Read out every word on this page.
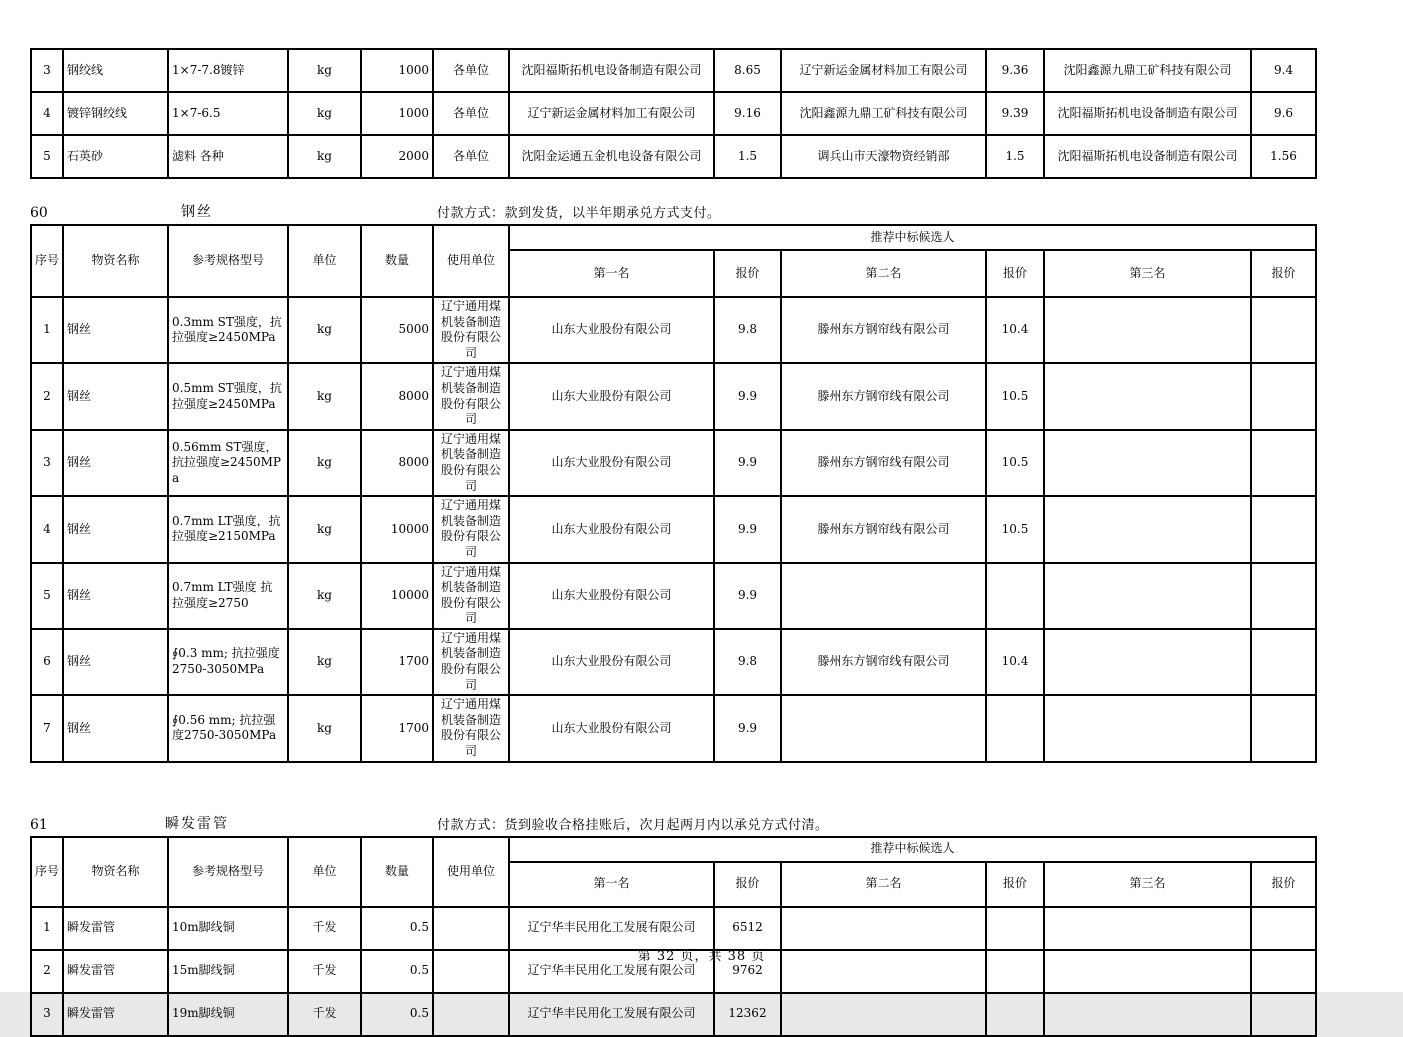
3	钢绞线	1×7-7.8镀锌	kg	1000	各单位	沈阳福斯拓机电设备制造有限公司	8.65	辽宁新运金属材料加工有限公司	9.36	沈阳鑫源九鼎工矿科技有限公司	9.4
4	镀锌钢绞线	1×7-6.5	kg	1000	各单位	辽宁新运金属材料加工有限公司	9.16	沈阳鑫源九鼎工矿科技有限公司	9.39	沈阳福斯拓机电设备制造有限公司	9.6
5	石英砂	滤料 各种	kg	2000	各单位	沈阳金运通五金机电设备有限公司	1.5	调兵山市天濠物资经销部	1.5	沈阳福斯拓机电设备制造有限公司	1.56
60	钢丝	付款方式：款到发货，以半年期承兑方式支付。
序号	物资名称	参考规格型号	单位	数量	使用单位	推荐中标候选人					
						第一名	报价	第二名	报价	第三名	报价
1	钢丝	0.3mm ST强度，抗拉强度≥2450MPa	kg	5000	辽宁通用煤机装备制造股份有限公司	山东大业股份有限公司	9.8	滕州东方钢帘线有限公司	10.4		
2	钢丝	0.5mm ST强度，抗拉强度≥2450MPa	kg	8000	辽宁通用煤机装备制造股份有限公司	山东大业股份有限公司	9.9	滕州东方钢帘线有限公司	10.5		
3	钢丝	0.56mm ST强度，抗拉强度≥2450MPa	kg	8000	辽宁通用煤机装备制造股份有限公司	山东大业股份有限公司	9.9	滕州东方钢帘线有限公司	10.5		
4	钢丝	0.7mm LT强度，抗拉强度≥2150MPa	kg	10000	辽宁通用煤机装备制造股份有限公司	山东大业股份有限公司	9.9	滕州东方钢帘线有限公司	10.5		
5	钢丝	0.7mm LT强度 抗拉强度≥2750	kg	10000	辽宁通用煤机装备制造股份有限公司	山东大业股份有限公司	9.9				
6	钢丝	∮0.3 mm; 抗拉强度2750-3050MPa	kg	1700	辽宁通用煤机装备制造股份有限公司	山东大业股份有限公司	9.8	滕州东方钢帘线有限公司	10.4		
7	钢丝	∮0.56 mm; 抗拉强度2750-3050MPa	kg	1700	辽宁通用煤机装备制造股份有限公司	山东大业股份有限公司	9.9				
61	瞬发雷管	付款方式：货到验收合格挂账后，次月起两月内以承兑方式付清。
序号	物资名称	参考规格型号	单位	数量	使用单位	推荐中标候选人					
						第一名	报价	第二名	报价	第三名	报价
1	瞬发雷管	10m脚线铜	千发	0.5		辽宁华丰民用化工发展有限公司	6512				
2	瞬发雷管	15m脚线铜	千发	0.5		辽宁华丰民用化工发展有限公司	9762				
3	瞬发雷管	19m脚线铜	千发	0.5		辽宁华丰民用化工发展有限公司	12362				
第 32 页，共 38 页
